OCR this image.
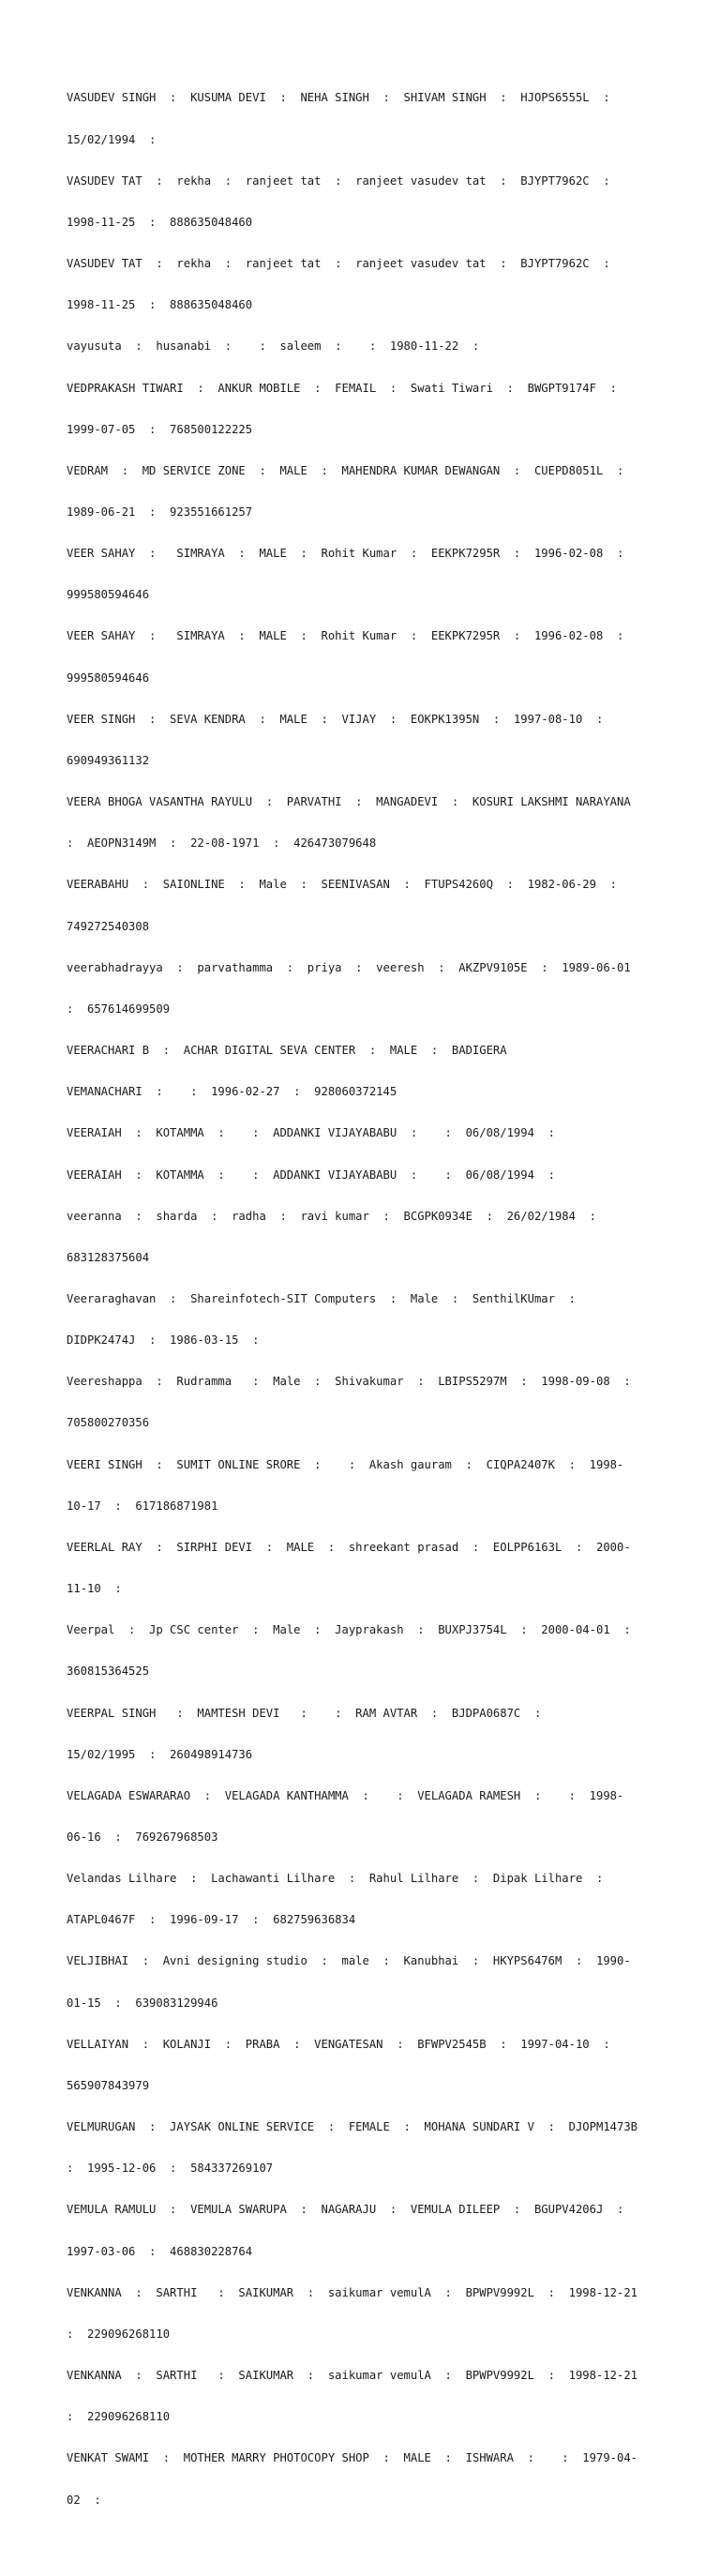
VASUDEV SINGH  :  KUSUMA DEVI  :  NEHA SINGH  :  SHIVAM SINGH  :  HJOPS6555L  :

15/02/1994  :

VASUDEV TAT  :  rekha  :  ranjeet tat  :  ranjeet vasudev tat  :  BJYPT7962C  :

1998-11-25  :  888635048460

VASUDEV TAT  :  rekha  :  ranjeet tat  :  ranjeet vasudev tat  :  BJYPT7962C  :

1998-11-25  :  888635048460

vayusuta  :  husanabi  :    :  saleem  :    :  1980-11-22  :

VEDPRAKASH TIWARI  :  ANKUR MOBILE  :  FEMAIL  :  Swati Tiwari  :  BWGPT9174F  :

1999-07-05  :  768500122225

VEDRAM  :  MD SERVICE ZONE  :  MALE  :  MAHENDRA KUMAR DEWANGAN  :  CUEPD8051L  :

1989-06-21  :  923551661257

VEER SAHAY  :   SIMRAYA  :  MALE  :  Rohit Kumar  :  EEKPK7295R  :  1996-02-08  :

999580594646

VEER SAHAY  :   SIMRAYA  :  MALE  :  Rohit Kumar  :  EEKPK7295R  :  1996-02-08  :

999580594646

VEER SINGH  :  SEVA KENDRA  :  MALE  :  VIJAY  :  EOKPK1395N  :  1997-08-10  :

690949361132

VEERA BHOGA VASANTHA RAYULU  :  PARVATHI  :  MANGADEVI  :  KOSURI LAKSHMI NARAYANA

:  AEOPN3149M  :  22-08-1971  :  426473079648

VEERABAHU  :  SAIONLINE  :  Male  :  SEENIVASAN  :  FTUPS4260Q  :  1982-06-29  :

749272540308

veerabhadrayya  :  parvathamma  :  priya  :  veeresh  :  AKZPV9105E  :  1989-06-01

:  657614699509

VEERACHARI B  :  ACHAR DIGITAL SEVA CENTER  :  MALE  :  BADIGERA

VEMANACHARI  :    :  1996-02-27  :  928060372145

VEERAIAH  :  KOTAMMA  :    :  ADDANKI VIJAYABABU  :    :  06/08/1994  :

VEERAIAH  :  KOTAMMA  :    :  ADDANKI VIJAYABABU  :    :  06/08/1994  :

veeranna  :  sharda  :  radha  :  ravi kumar  :  BCGPK0934E  :  26/02/1984  :

683128375604

Veeraraghavan  :  Shareinfotech-SIT Computers  :  Male  :  SenthilKUmar  :

DIDPK2474J  :  1986-03-15  :

Veereshappa  :  Rudramma   :  Male  :  Shivakumar  :  LBIPS5297M  :  1998-09-08  :

705800270356

VEERI SINGH  :  SUMIT ONLINE SRORE  :    :  Akash gauram  :  CIQPA2407K  :  1998-

10-17  :  617186871981

VEERLAL RAY  :  SIRPHI DEVI  :  MALE  :  shreekant prasad  :  EOLPP6163L  :  2000-

11-10  :

Veerpal  :  Jp CSC center  :  Male  :  Jayprakash  :  BUXPJ3754L  :  2000-04-01  :

360815364525

VEERPAL SINGH   :  MAMTESH DEVI   :    :  RAM AVTAR  :  BJDPA0687C  :

15/02/1995  :  260498914736

VELAGADA ESWARARAO  :  VELAGADA KANTHAMMA  :    :  VELAGADA RAMESH  :    :  1998-

06-16  :  769267968503

Velandas Lilhare  :  Lachawanti Lilhare  :  Rahul Lilhare  :  Dipak Lilhare  :

ATAPL0467F  :  1996-09-17  :  682759636834

VELJIBHAI  :  Avni designing studio  :  male  :  Kanubhai  :  HKYPS6476M  :  1990-

01-15  :  639083129946

VELLAIYAN  :  KOLANJI  :  PRABA  :  VENGATESAN  :  BFWPV2545B  :  1997-04-10  :

565907843979

VELMURUGAN  :  JAYSAK ONLINE SERVICE  :  FEMALE  :  MOHANA SUNDARI V  :  DJOPM1473B

:  1995-12-06  :  584337269107

VEMULA RAMULU  :  VEMULA SWARUPA  :  NAGARAJU  :  VEMULA DILEEP  :  BGUPV4206J  :

1997-03-06  :  468830228764

VENKANNA  :  SARTHI   :  SAIKUMAR  :  saikumar vemulA  :  BPWPV9992L  :  1998-12-21

:  229096268110

VENKANNA  :  SARTHI   :  SAIKUMAR  :  saikumar vemulA  :  BPWPV9992L  :  1998-12-21

:  229096268110

VENKAT SWAMI  :  MOTHER MARRY PHOTOCOPY SHOP  :  MALE  :  ISHWARA  :    :  1979-04-

02  :
